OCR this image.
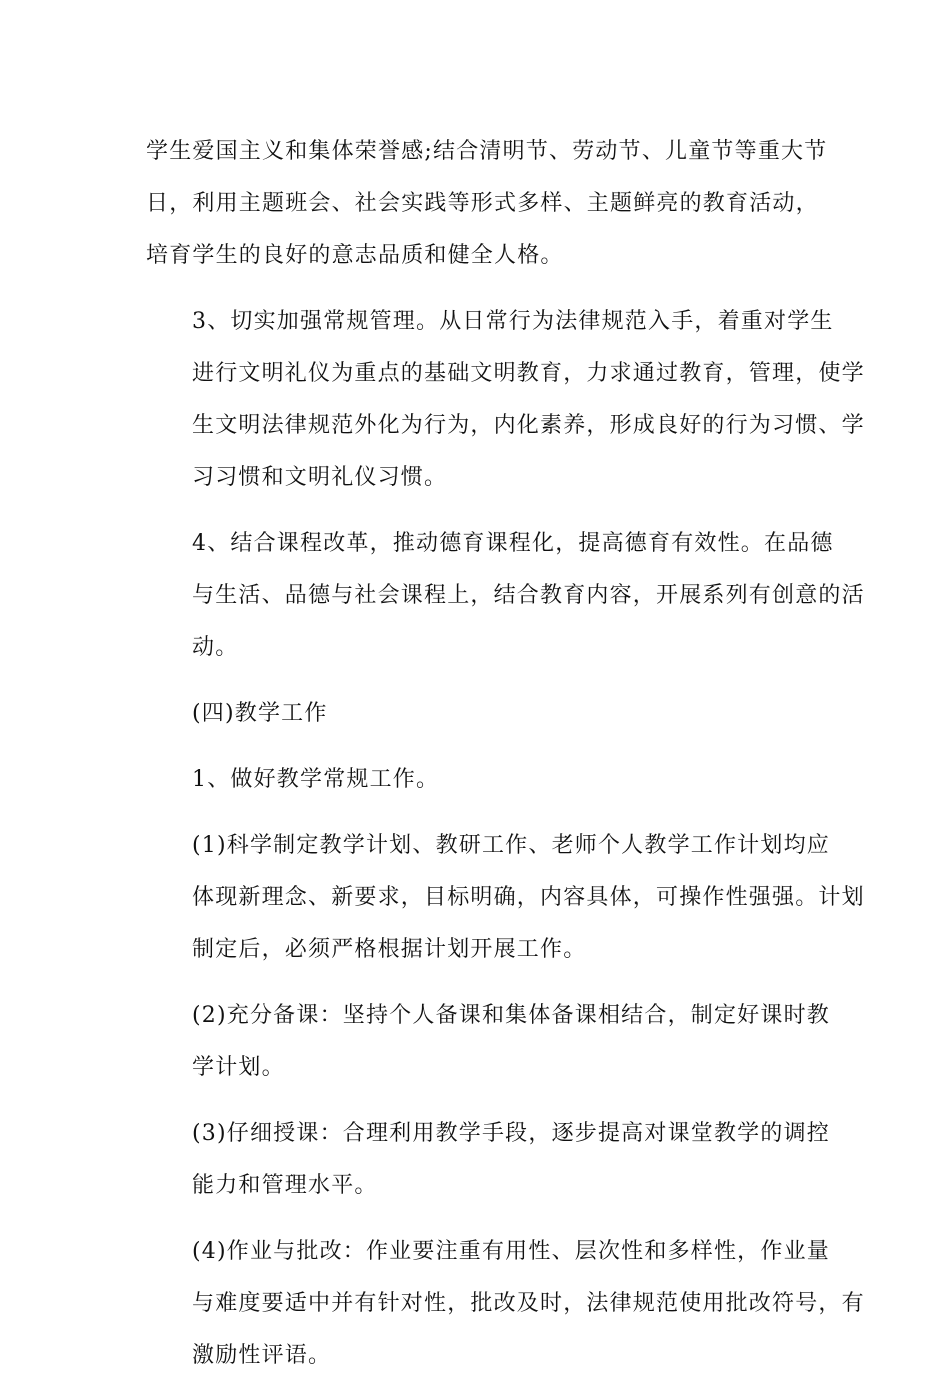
学生爱国主义和集体荣誉感;结合清明节、劳动节、儿童节等重大节
日，利用主题班会、社会实践等形式多样、主题鲜亮的教育活动，
培育学生的良好的意志品质和健全人格。

3、切实加强常规管理。从日常行为法律规范入手，着重对学生
进行文明礼仪为重点的基础文明教育，力求通过教育，管理，使学
生文明法律规范外化为行为，内化素养，形成良好的行为习惯、学
习习惯和文明礼仪习惯。

4、结合课程改革，推动德育课程化，提高德育有效性。在品德
与生活、品德与社会课程上，结合教育内容，开展系列有创意的活
动。

(四)教学工作

1、做好教学常规工作。

(1)科学制定教学计划、教研工作、老师个人教学工作计划均应
体现新理念、新要求，目标明确，内容具体，可操作性强强。计划
制定后，必须严格根据计划开展工作。

(2)充分备课：坚持个人备课和集体备课相结合，制定好课时教
学计划。

(3)仔细授课：合理利用教学手段，逐步提高对课堂教学的调控
能力和管理水平。

(4)作业与批改：作业要注重有用性、层次性和多样性，作业量
与难度要适中并有针对性，批改及时，法律规范使用批改符号，有
激励性评语。
